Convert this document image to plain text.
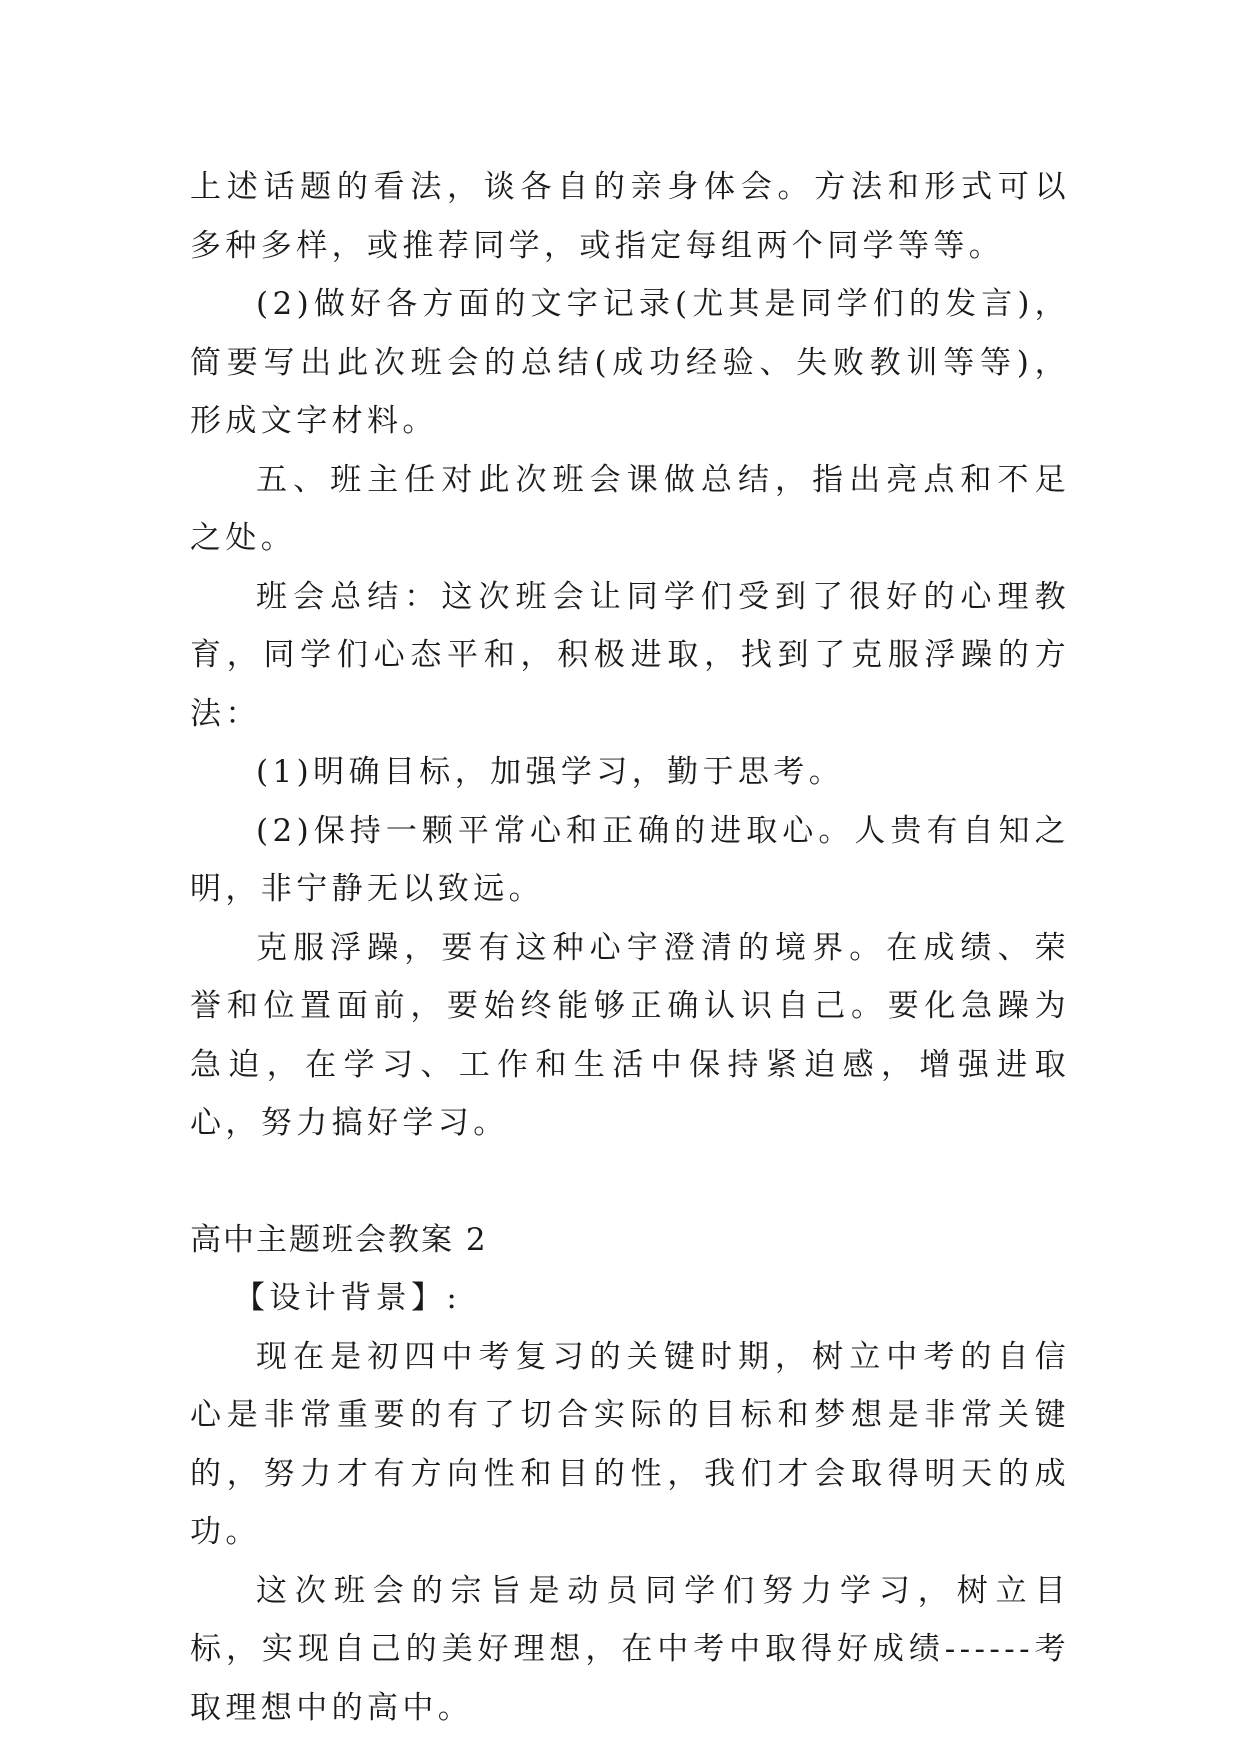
上述话题的看法，谈各自的亲身体会。方法和形式可以多种多样，或推荐同学，或指定每组两个同学等等。

(2)做好各方面的文字记录(尤其是同学们的发言)，简要写出此次班会的总结(成功经验、失败教训等等)，形成文字材料。

五、班主任对此次班会课做总结，指出亮点和不足之处。

班会总结：这次班会让同学们受到了很好的心理教育，同学们心态平和，积极进取，找到了克服浮躁的方法：

(1)明确目标，加强学习，勤于思考。

(2)保持一颗平常心和正确的进取心。人贵有自知之明，非宁静无以致远。

克服浮躁，要有这种心宇澄清的境界。在成绩、荣誉和位置面前，要始终能够正确认识自己。要化急躁为急迫，在学习、工作和生活中保持紧迫感，增强进取心，努力搞好学习。

高中主题班会教案 2

【设计背景】:

现在是初四中考复习的关键时期，树立中考的自信心是非常重要的有了切合实际的目标和梦想是非常关键的，努力才有方向性和目的性，我们才会取得明天的成功。

这次班会的宗旨是动员同学们努力学习，树立目标，实现自己的美好理想，在中考中取得好成绩------考取理想中的高中。
